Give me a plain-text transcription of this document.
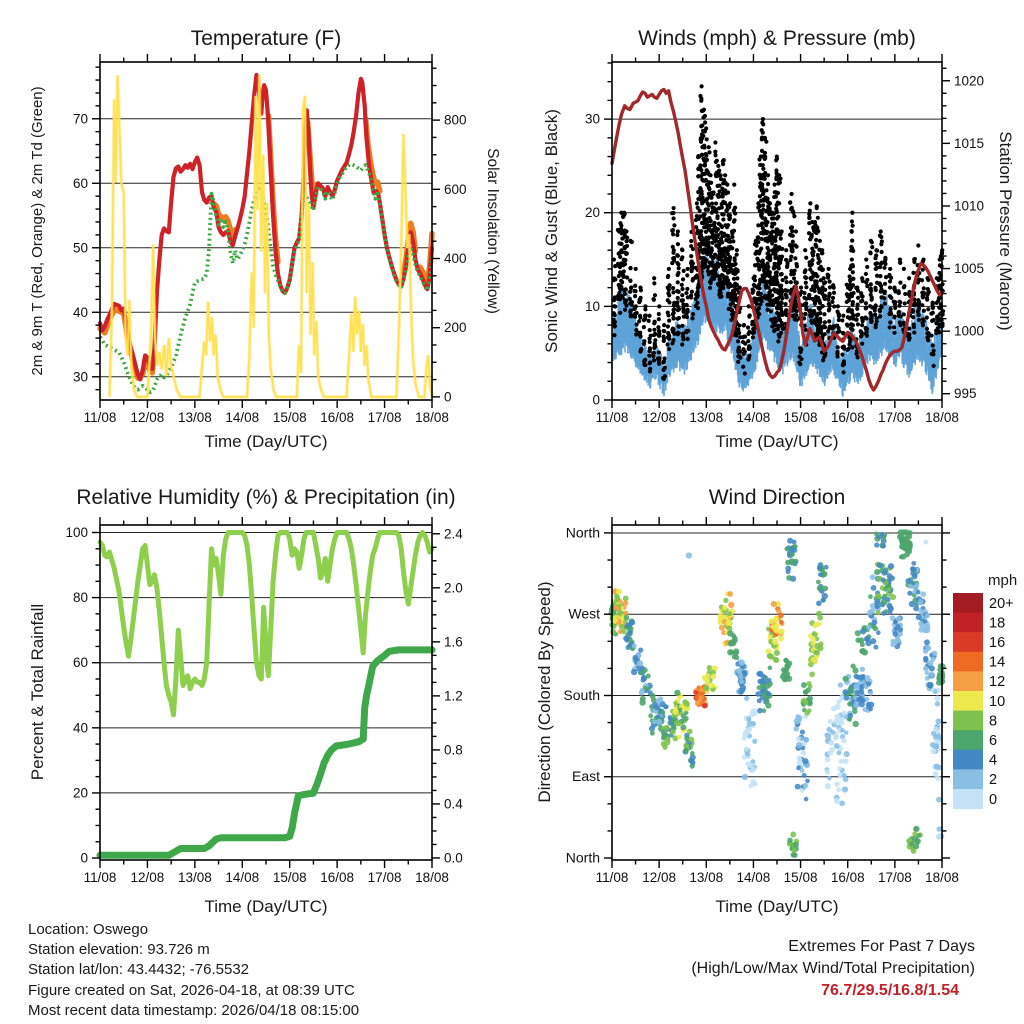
11/08 12/08 13/08 14/08 15/08 16/08 17/08 18/08
30
40
50
60
70
0
200
400
600
800
11/08 12/08 13/08 14/08 15/08 16/08 17/08 18/08
0
10
20
30
995
1000
1005
1010
1015
1020
11/08 12/08 13/08 14/08 15/08 16/08 17/08 18/08
0
20
40
60
80
100
0.0
0.4
0.8
1.2
1.6
2.0
2.4
11/08 12/08 13/08 14/08 15/08 16/08 17/08 18/08
North
East
South
West
North
20+
18
16
14
12
10
8
6
4
2
0
Temperature (F)	Winds (mph) & Pressure (mb)
Relative Humidity (%) & Precipitation (in)	Wind Direction
Time (Day/UTC)	Time (Day/UTC)
Time (Day/UTC)	Time (Day/UTC)
2m & 9m T (Red, Orange) & 2m Td (Green)	Solar Insolation (Yellow) Sonic Wind & Gust (Blue, Black)	Station Pressure (Maroon)
Percent & Total Rainfall	Direction (Colored By Speed)
mph
Location: Oswego
Station elevation: 93.726 m
Station lat/lon: 43.4432; -76.5532
Figure created on Sat, 2026-04-18, at 08:39 UTC
Most recent data timestamp: 2026/04/18 08:15:00
Extremes For Past 7 Days
(High/Low/Max Wind/Total Precipitation)
76.7/29.5/16.8/1.54
